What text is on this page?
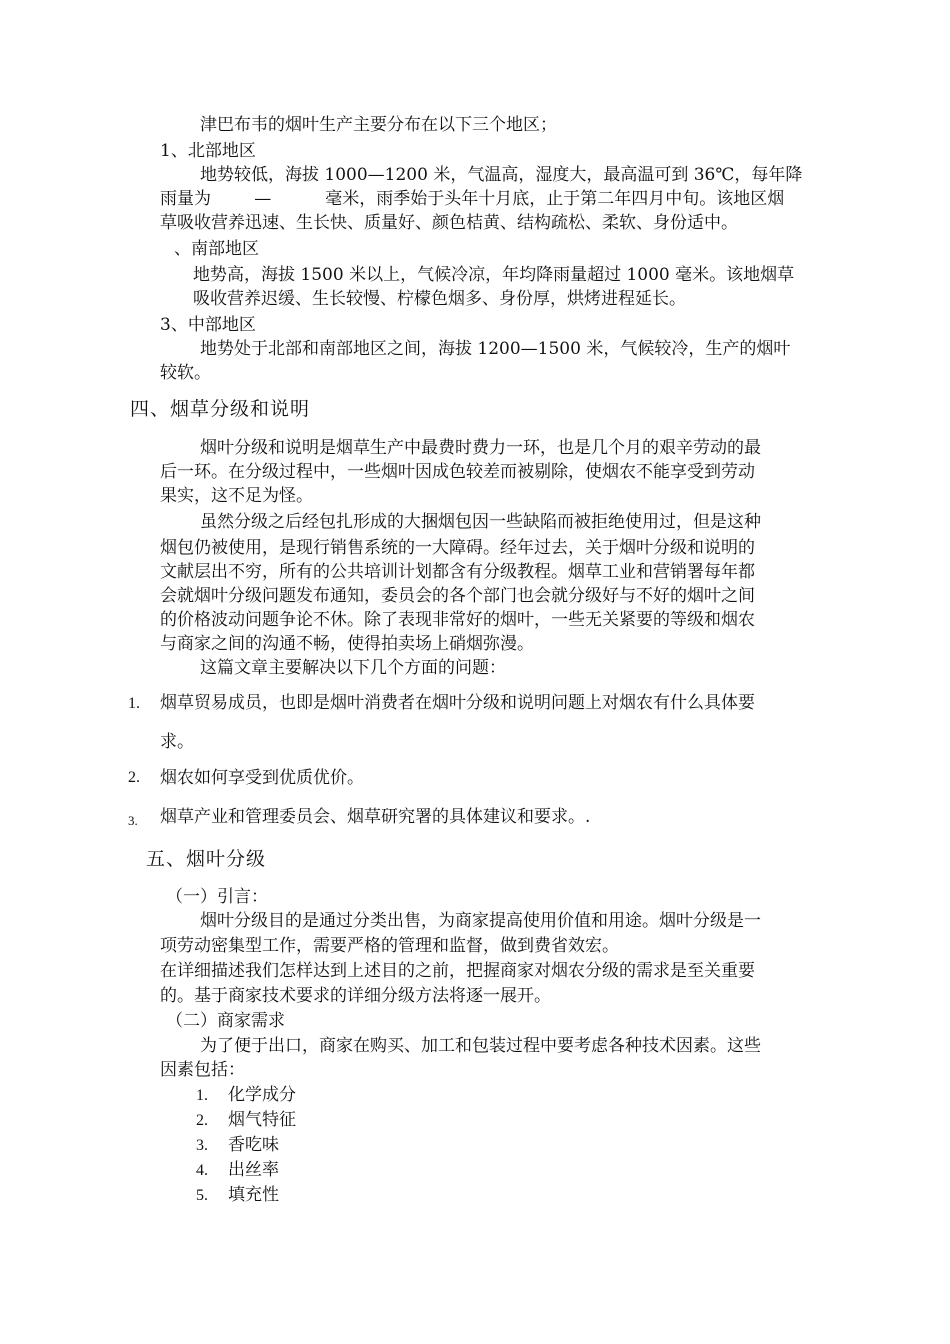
津巴布韦的烟叶生产主要分布在以下三个地区；
1、北部地区
地势较低，海拔 1000—1200 米，气温高，湿度大，最高温可到 36℃，每年降
雨量为        —          毫米，雨季始于头年十月底，止于第二年四月中旬。该地区烟
草吸收营养迅速、生长快、质量好、颜色桔黄、结构疏松、柔软、身份适中。
、南部地区
地势高，海拔 1500 米以上，气候冷凉，年均降雨量超过 1000 毫米。该地烟草
吸收营养迟缓、生长较慢、柠檬色烟多、身份厚，烘烤进程延长。
3、中部地区
地势处于北部和南部地区之间，海拔 1200—1500 米，气候较冷，生产的烟叶
较软。
四、烟草分级和说明
烟叶分级和说明是烟草生产中最费时费力一环，也是几个月的艰辛劳动的最
后一环。在分级过程中，一些烟叶因成色较差而被剔除，使烟农不能享受到劳动
果实，这不足为怪。
虽然分级之后经包扎形成的大捆烟包因一些缺陷而被拒绝使用过，但是这种
烟包仍被使用，是现行销售系统的一大障碍。经年过去，关于烟叶分级和说明的
文献层出不穷，所有的公共培训计划都含有分级教程。烟草工业和营销署每年都
会就烟叶分级问题发布通知，委员会的各个部门也会就分级好与不好的烟叶之间
的价格波动问题争论不休。除了表现非常好的烟叶，一些无关紧要的等级和烟农
与商家之间的沟通不畅，使得拍卖场上硝烟弥漫。
这篇文章主要解决以下几个方面的问题：
1. 烟草贸易成员，也即是烟叶消费者在烟叶分级和说明问题上对烟农有什么具体要
求。
2. 烟农如何享受到优质优价。
3. 烟草产业和管理委员会、烟草研究署的具体建议和要求。.
五、烟叶分级
（一）引言：
烟叶分级目的是通过分类出售，为商家提高使用价值和用途。烟叶分级是一
项劳动密集型工作，需要严格的管理和监督，做到费省效宏。
在详细描述我们怎样达到上述目的之前，把握商家对烟农分级的需求是至关重要
的。基于商家技术要求的详细分级方法将逐一展开。
（二）商家需求
为了便于出口，商家在购买、加工和包装过程中要考虑各种技术因素。这些
因素包括：
1. 化学成分
2. 烟气特征
3. 香吃味
4. 出丝率
5. 填充性
